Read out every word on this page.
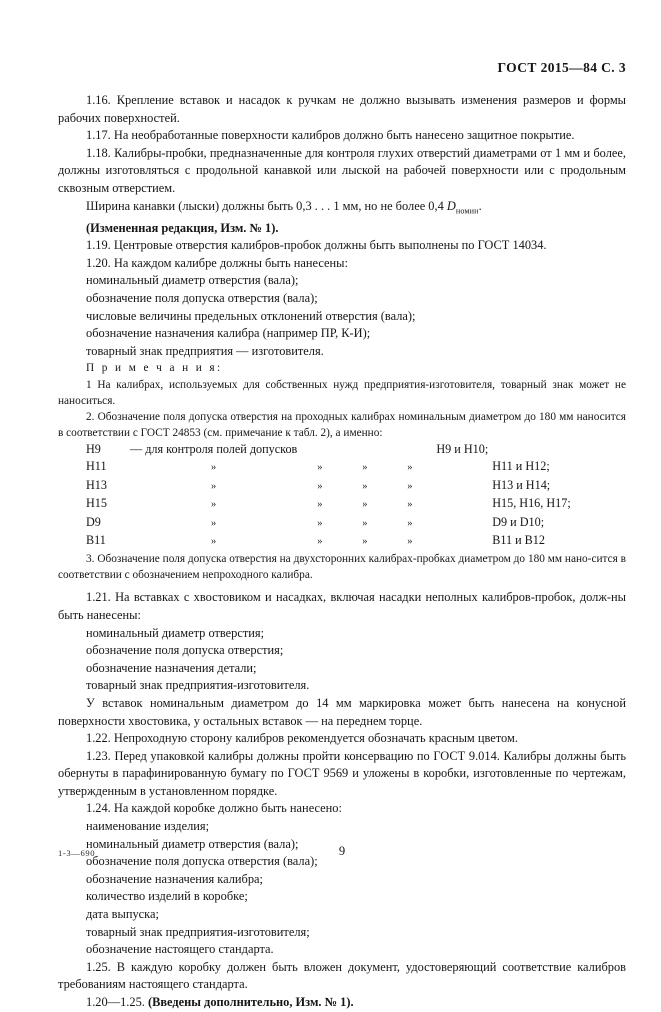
ГОСТ 2015—84 С. 3

1.16. Крепление вставок и насадок к ручкам не должно вызывать изменения размеров и формы рабочих поверхностей.

1.17. На необработанные поверхности калибров должно быть нанесено защитное покрытие.

1.18. Калибры-пробки, предназначенные для контроля глухих отверстий диаметрами от 1 мм и более, должны изготовляться с продольной канавкой или лыской на рабочей поверхности или с продольным сквозным отверстием.

Ширина канавки (лыски) должны быть 0,3 . . . 1 мм, но не более 0,4 $D_{номин}$.

(Измененная редакция, Изм. № 1).

1.19. Центровые отверстия калибров-пробок должны быть выполнены по ГОСТ 14034.

1.20. На каждом калибре должны быть нанесены:

номинальный диаметр отверстия (вала);

обозначение поля допуска отверстия (вала);

числовые величины предельных отклонений отверстия (вала);

обозначение назначения калибра (например ПР, К-И);

товарный знак предприятия — изготовителя.

П р и м е ч а н и я:

1 На калибрах, используемых для собственных нужд предприятия-изготовителя, товарный знак может не наноситься.

2. Обозначение поля допуска отверстия на проходных калибрах номинальным диаметром до 180 мм наносится в соответствии с ГОСТ 24853 (см. примечание к табл. 2), а именно:

H9	— для контроля полей допусков				H9 и H10;	
H11	»	»	»	»		H11 и H12;
H13	»	»	»	»		H13 и H14;
H15	»	»	»	»		H15, H16, H17;
D9	»	»	»	»		D9 и D10;
B11	»	»	»	»		B11 и B12

3. Обозначение поля допуска отверстия на двухсторонних калибрах-пробках диаметром до 180 мм нано-сится в соответствии с обозначением непроходного калибра.

1.21. На вставках с хвостовиком и насадках, включая насадки неполных калибров-пробок, долж-ны быть нанесены:

номинальный диаметр отверстия;

обозначение поля допуска отверстия;

обозначение назначения детали;

товарный знак предприятия-изготовителя.

У вставок номинальным диаметром до 14 мм маркировка может быть нанесена на конусной поверхности хвостовика, у остальных вставок — на переднем торце.

1.22. Непроходную сторону калибров рекомендуется обозначать красным цветом.

1.23. Перед упаковкой калибры должны пройти консервацию по ГОСТ 9.014. Калибры должны быть обернуты в парафинированную бумагу по ГОСТ 9569 и уложены в коробки, изготовленные по чертежам, утвержденным в установленном порядке.

1.24. На каждой коробке должно быть нанесено:

наименование изделия;

номинальный диаметр отверстия (вала);

обозначение поля допуска отверстия (вала);

обозначение назначения калибра;

количество изделий в коробке;

дата выпуска;

товарный знак предприятия-изготовителя;

обозначение настоящего стандарта.

1.25. В каждую коробку должен быть вложен документ, удостоверяющий соответствие калибров требованиям настоящего стандарта.

1.20—1.25. (Введены дополнительно, Изм. № 1).

1-3—690	9
